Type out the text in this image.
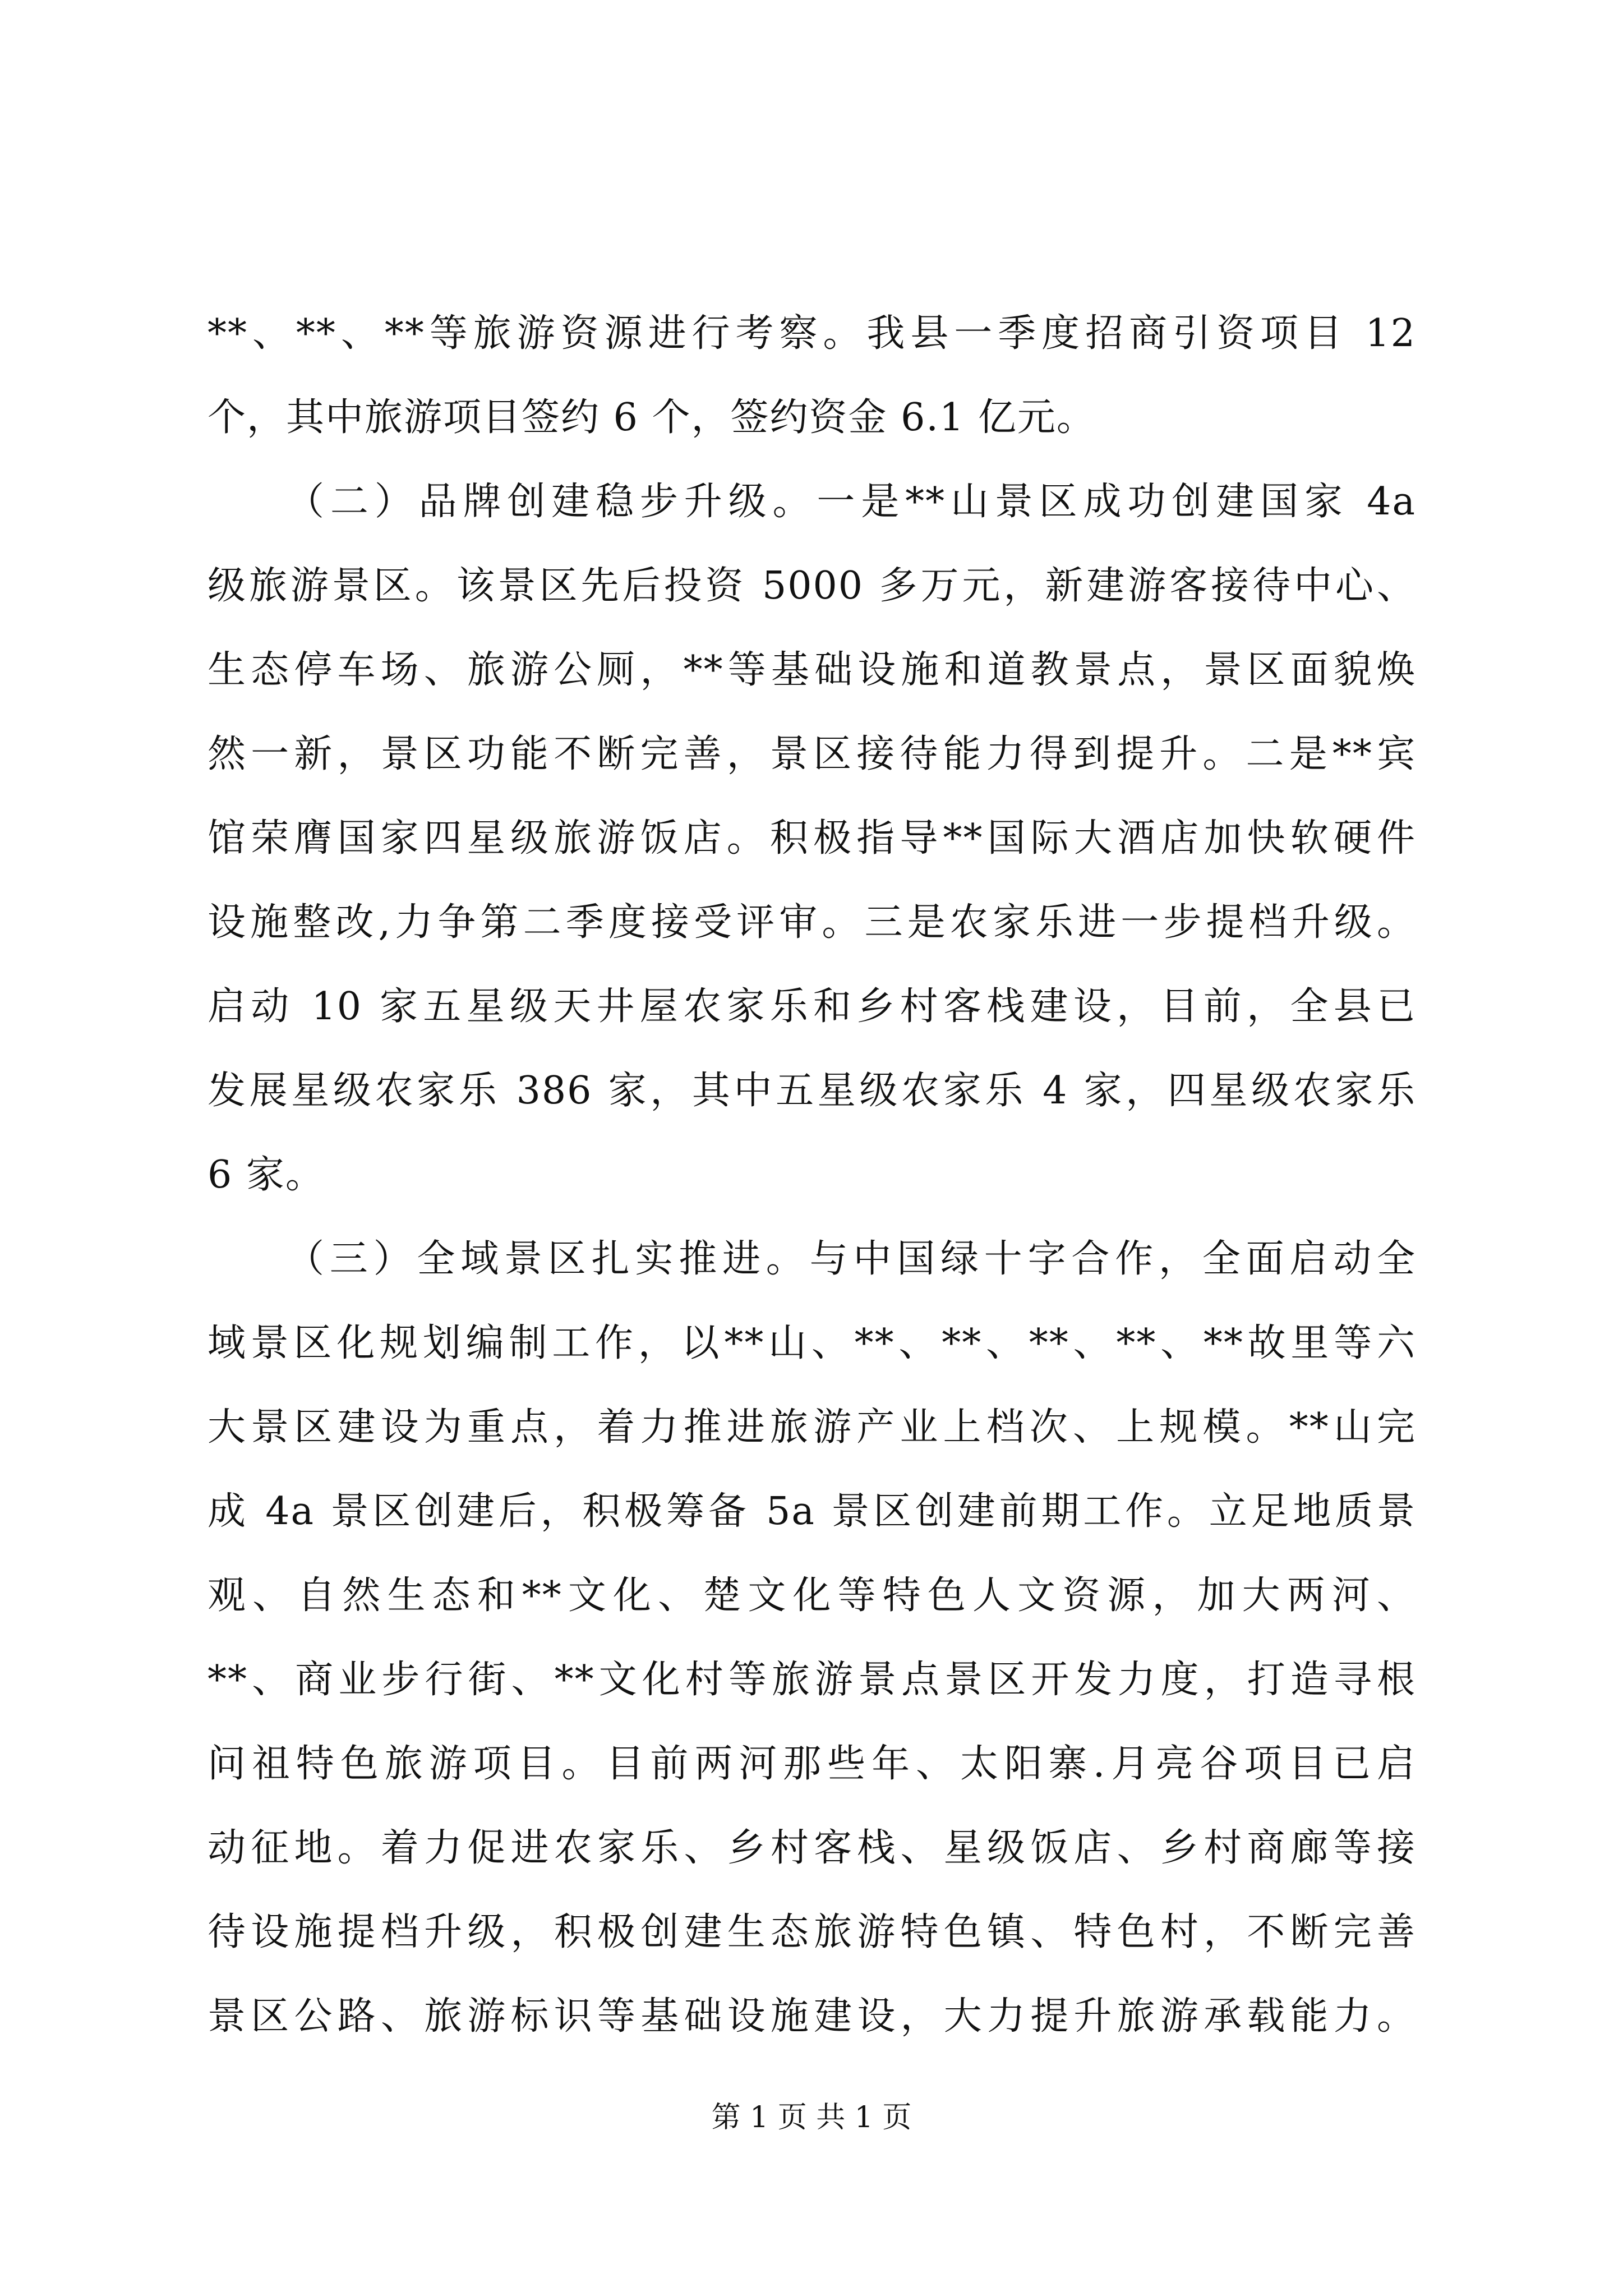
**、**、**等旅游资源进行考察。我县一季度招商引资项目 12
个，其中旅游项目签约 6 个，签约资金 6.1 亿元。
（二）品牌创建稳步升级。一是**山景区成功创建国家 4a
级旅游景区。该景区先后投资 5000 多万元，新建游客接待中心、
生态停车场、旅游公厕，**等基础设施和道教景点，景区面貌焕
然一新，景区功能不断完善，景区接待能力得到提升。二是**宾
馆荣膺国家四星级旅游饭店。积极指导**国际大酒店加快软硬件
设施整改,力争第二季度接受评审。三是农家乐进一步提档升级。
启动 10 家五星级天井屋农家乐和乡村客栈建设，目前，全县已
发展星级农家乐 386 家，其中五星级农家乐 4 家，四星级农家乐
6 家。
（三）全域景区扎实推进。与中国绿十字合作，全面启动全
域景区化规划编制工作，以**山、**、**、**、**、**故里等六
大景区建设为重点，着力推进旅游产业上档次、上规模。**山完
成 4a 景区创建后，积极筹备 5a 景区创建前期工作。立足地质景
观、自然生态和**文化、楚文化等特色人文资源，加大两河、
**、商业步行街、**文化村等旅游景点景区开发力度，打造寻根
问祖特色旅游项目。目前两河那些年、太阳寨.月亮谷项目已启
动征地。着力促进农家乐、乡村客栈、星级饭店、乡村商廊等接
待设施提档升级，积极创建生态旅游特色镇、特色村，不断完善
景区公路、旅游标识等基础设施建设，大力提升旅游承载能力。
第 1 页 共 1 页
